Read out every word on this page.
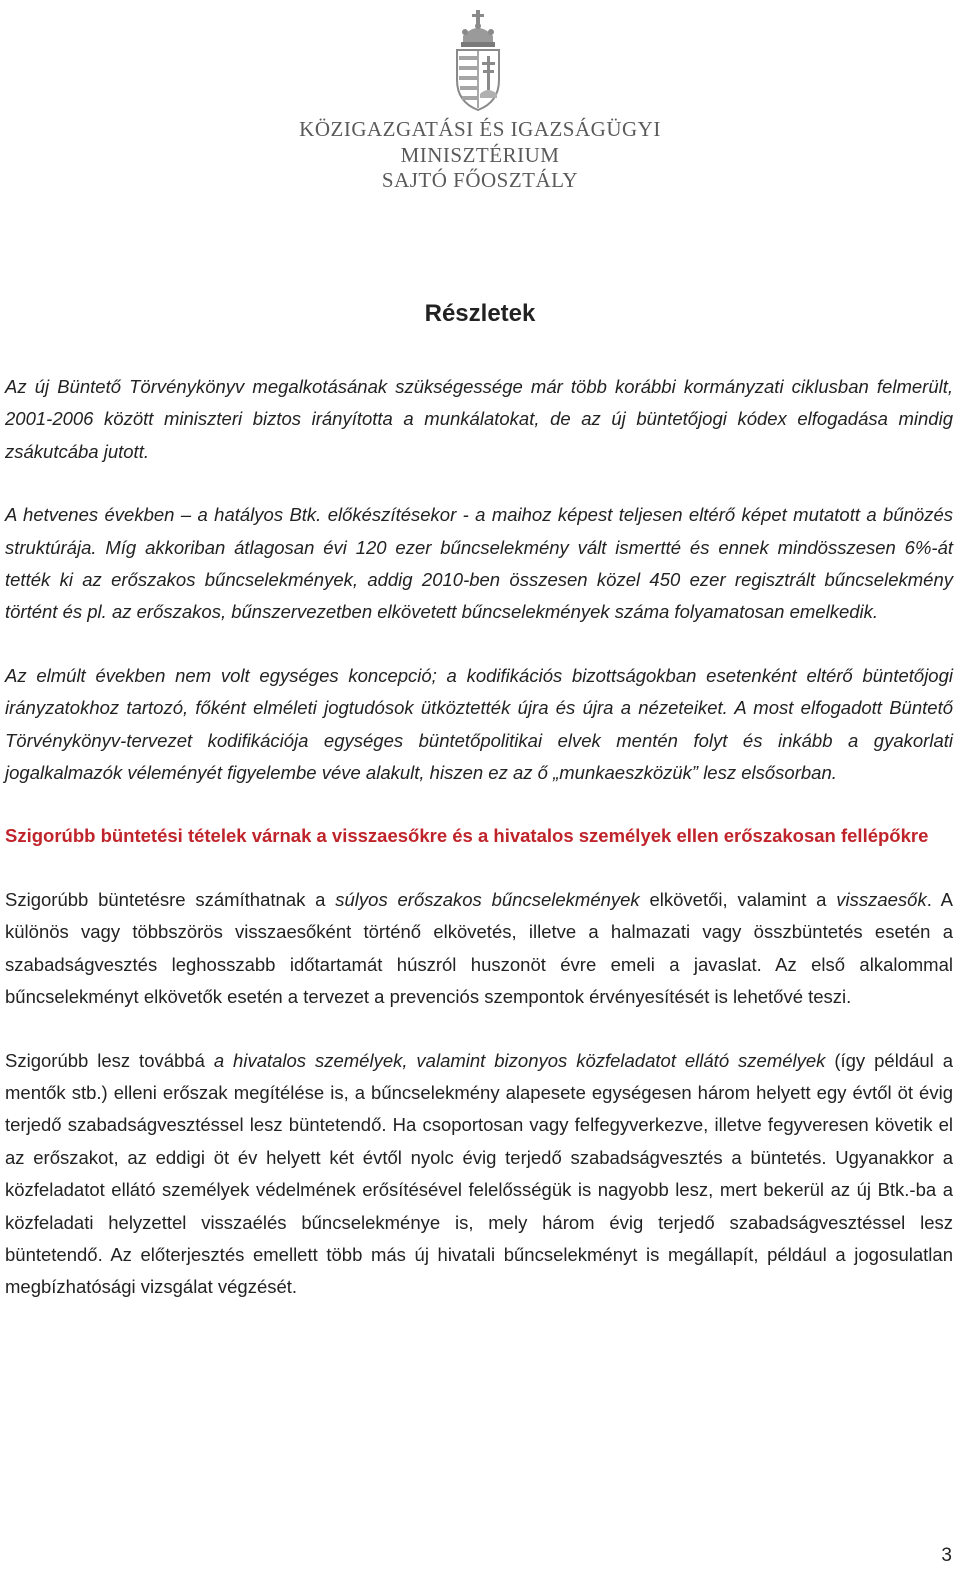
KÖZIGAZGATÁSI ÉS IGAZSÁGÜGYI
MINISZTÉRIUM
SAJTÓ FŐOSZTÁLY
Részletek

Az új Büntető Törvénykönyv megalkotásának szükségessége már több korábbi kormányzati ciklusban felmerült, 2001-2006 között miniszteri biztos irányította a munkálatokat, de az új büntetőjogi kódex elfogadása mindig zsákutcába jutott.

A hetvenes években – a hatályos Btk. előkészítésekor - a maihoz képest teljesen eltérő képet mutatott a bűnözés struktúrája. Míg akkoriban átlagosan évi 120 ezer bűncselekmény vált ismertté és ennek mindösszesen 6%-át tették ki az erőszakos bűncselekmények, addig 2010-ben összesen közel 450 ezer regisztrált bűncselekmény történt és pl. az erőszakos, bűnszervezetben elkövetett bűncselekmények száma folyamatosan emelkedik.

Az elmúlt években nem volt egységes koncepció; a kodifikációs bizottságokban esetenként eltérő büntetőjogi irányzatokhoz tartozó, főként elméleti jogtudósok ütköztették újra és újra a nézeteiket. A most elfogadott Büntető Törvénykönyv-tervezet kodifikációja egységes büntetőpolitikai elvek mentén folyt és inkább a gyakorlati jogalkalmazók véleményét figyelembe véve alakult, hiszen ez az ő „munkaeszközük” lesz elsősorban.

Szigorúbb büntetési tételek várnak a visszaesőkre és a hivatalos személyek ellen erőszakosan fellépőkre

Szigorúbb büntetésre számíthatnak a súlyos erőszakos bűncselekmények elkövetői, valamint a visszaesők. A különös vagy többszörös visszaesőként történő elkövetés, illetve a halmazati vagy összbüntetés esetén a szabadságvesztés leghosszabb időtartamát húszról huszonöt évre emeli a javaslat. Az első alkalommal bűncselekményt elkövetők esetén a tervezet a prevenciós szempontok érvényesítését is lehetővé teszi.

Szigorúbb lesz továbbá a hivatalos személyek, valamint bizonyos közfeladatot ellátó személyek (így például a mentők stb.) elleni erőszak megítélése is, a bűncselekmény alapesete egységesen három helyett egy évtől öt évig terjedő szabadságvesztéssel lesz büntetendő. Ha csoportosan vagy felfegyverkezve, illetve fegyveresen követik el az erőszakot, az eddigi öt év helyett két évtől nyolc évig terjedő szabadságvesztés a büntetés. Ugyanakkor a közfeladatot ellátó személyek védelmének erősítésével felelősségük is nagyobb lesz, mert bekerül az új Btk.-ba a közfeladati helyzettel visszaélés bűncselekménye is, mely három évig terjedő szabadságvesztéssel lesz büntetendő. Az előterjesztés emellett több más új hivatali bűncselekményt is megállapít, például a jogosulatlan megbízhatósági vizsgálat végzését.

3
